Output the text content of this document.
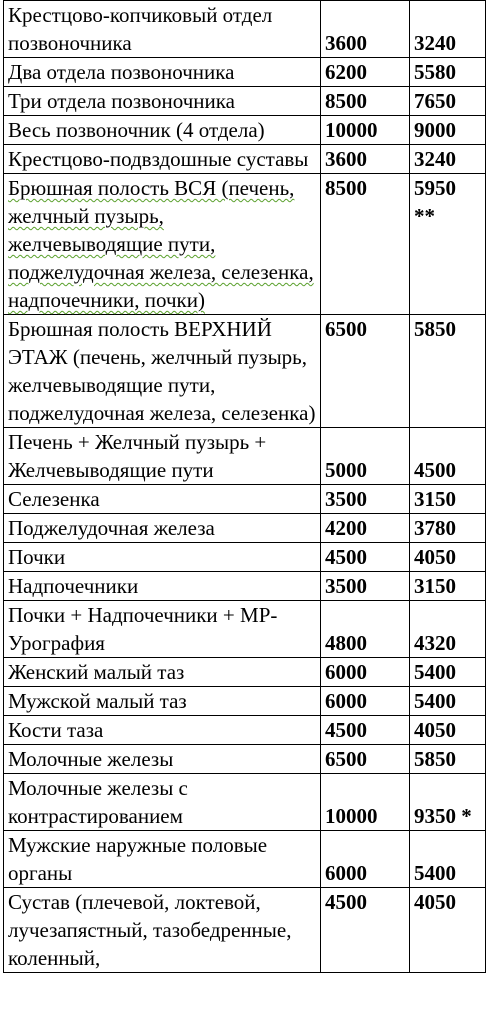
Крестцово-копчиковый отдел позвоночника	3600	3240
Два отдела позвоночника	6200	5580
Три отдела позвоночника	8500	7650
Весь позвоночник (4 отдела)	10000	9000
Крестцово-подвздошные суставы	3600	3240
Брюшная полость ВСЯ (печень, желчный пузырь, желчевыводящие пути, поджелудочная железа, селезенка, надпочечники, почки)	8500	5950 **
Брюшная полость ВЕРХНИЙ ЭТАЖ (печень, желчный пузырь, желчевыводящие пути, поджелудочная железа, селезенка)	6500	5850
Печень + Желчный пузырь + Желчевыводящие пути	5000	4500
Селезенка	3500	3150
Поджелудочная железа	4200	3780
Почки	4500	4050
Надпочечники	3500	3150
Почки + Надпочечники + МР-Урография	4800	4320
Женский малый таз	6000	5400
Мужской малый таз	6000	5400
Кости таза	4500	4050
Молочные железы	6500	5850
Молочные железы с контрастированием	10000	9350 *
Мужские наружные половые органы	6000	5400
Сустав (плечевой, локтевой, лучезапястный, тазобедренные, коленный,	4500	4050
